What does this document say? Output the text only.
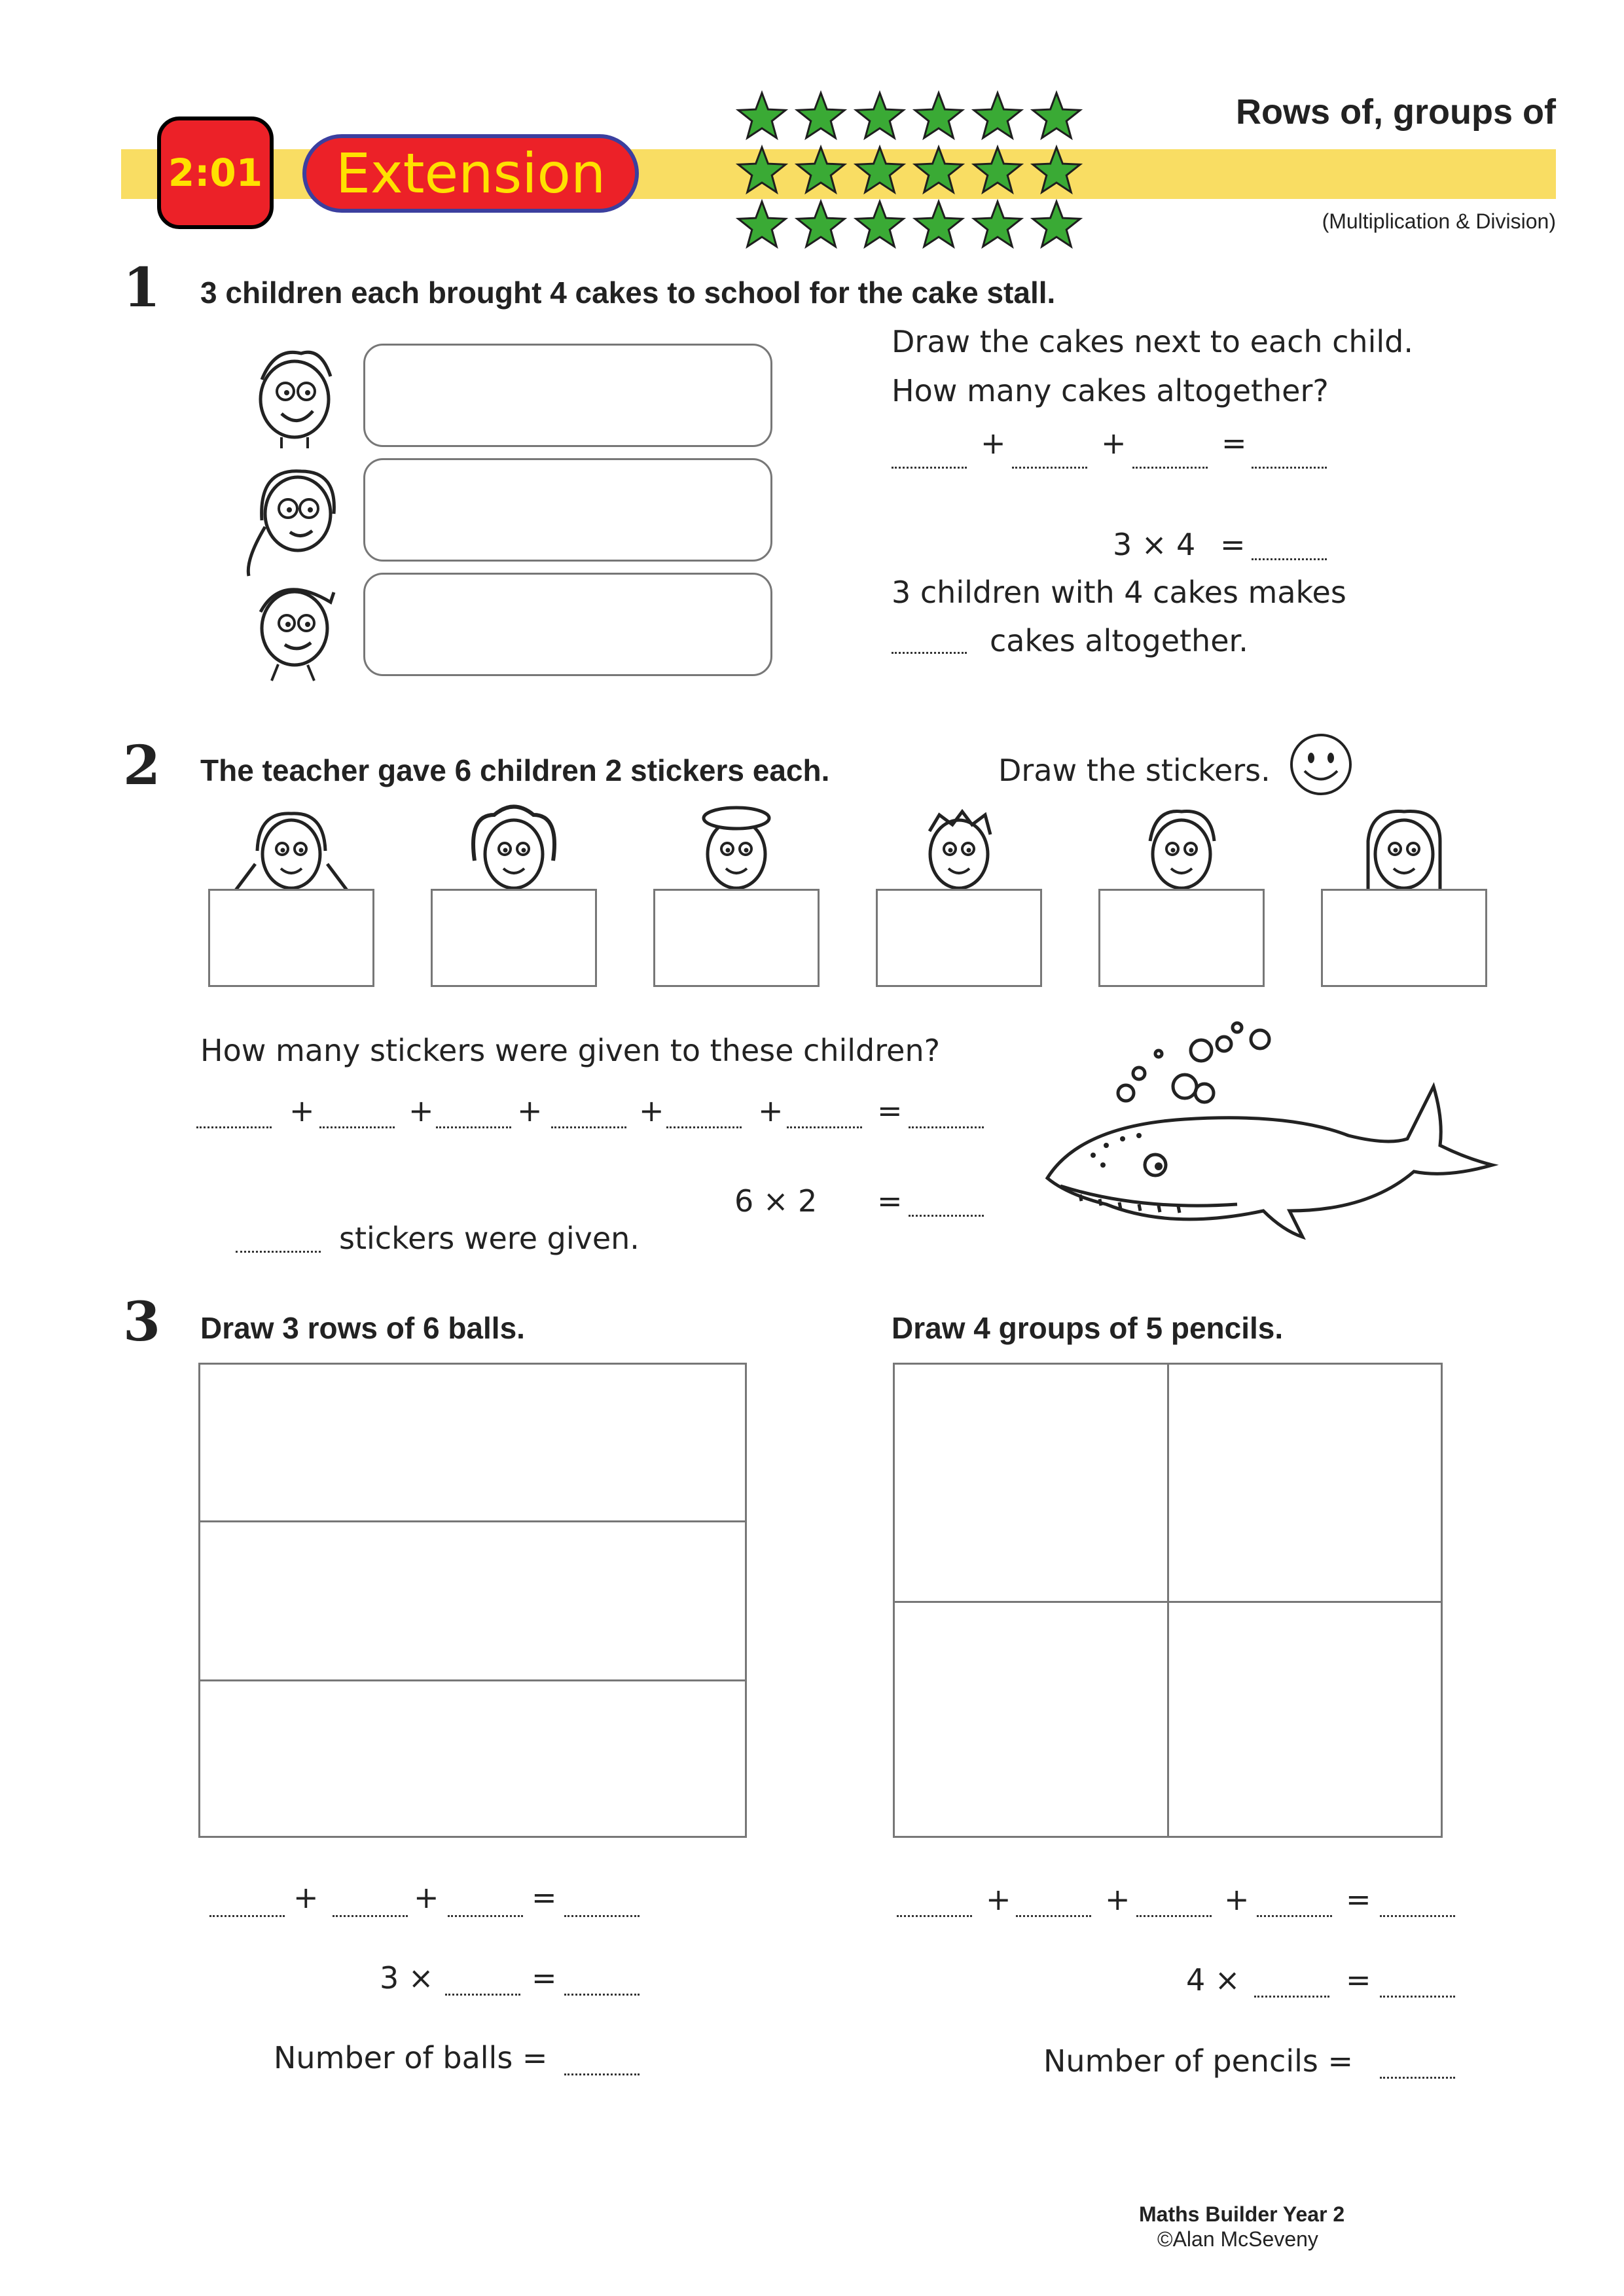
2:01	Extension
Rows of, groups of
(Multiplication & Division)
1 3 children each brought 4 cakes to school for the cake stall.
Draw the cakes next to each child.
How many cakes altogether?
+	+	=
3 × 4 =
3 children with 4 cakes makes
cakes altogether.
2 The teacher gave 6 children 2 stickers each.	Draw the stickers.
How many stickers were given to these children?
+	+	+	+	+	=
6 × 2 =
stickers were given.
3 Draw 3 rows of 6 balls.	Draw 4 groups of 5 pencils.
+	+	=
3 ×	=
Number of balls =
+	+	+	=
4 ×	=
Number of pencils =
Maths Builder Year 2
©Alan McSeveny
